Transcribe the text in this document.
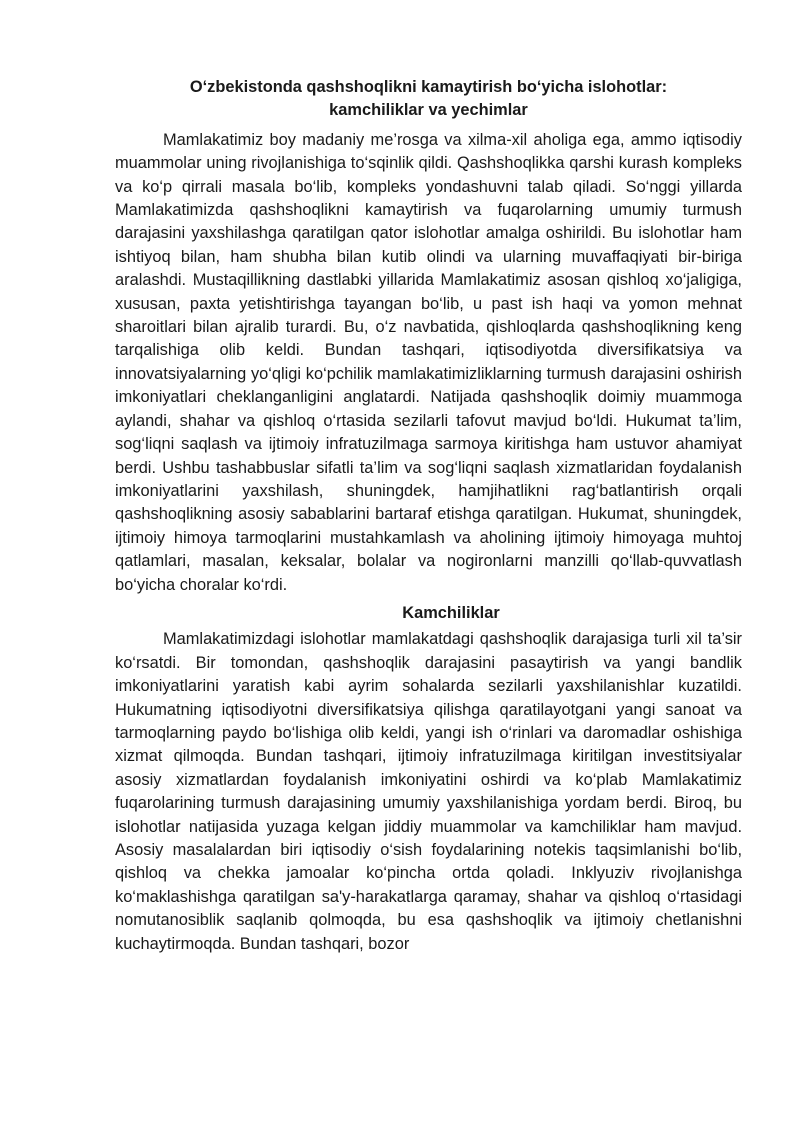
O‘zbekistonda qashshoqlikni kamaytirish bo‘yicha islohotlar:
kamchiliklar va yechimlar

Mamlakatimiz boy madaniy me’rosga va xilma-xil aholiga ega, ammo iqtisodiy muammolar uning rivojlanishiga to‘sqinlik qildi. Qashshoqlikka qarshi kurash kompleks va ko‘p qirrali masala bo‘lib, kompleks yondashuvni talab qiladi. So‘nggi yillarda Mamlakatimizda qashshoqlikni kamaytirish va fuqarolarning umumiy turmush darajasini yaxshilashga qaratilgan qator islohotlar amalga oshirildi. Bu islohotlar ham ishtiyoq bilan, ham shubha bilan kutib olindi va ularning muvaffaqiyati bir-biriga aralashdi. Mustaqillikning dastlabki yillarida Mamlakatimiz asosan qishloq xo‘jaligiga, xususan, paxta yetishtirishga tayangan bo‘lib, u past ish haqi va yomon mehnat sharoitlari bilan ajralib turardi. Bu, o‘z navbatida, qishloqlarda qashshoqlikning keng tarqalishiga olib keldi. Bundan tashqari, iqtisodiyotda diversifikatsiya va innovatsiyalarning yo‘qligi ko‘pchilik mamlakatimizliklarning turmush darajasini oshirish imkoniyatlari cheklanganligini anglatardi. Natijada qashshoqlik doimiy muammoga aylandi, shahar va qishloq o‘rtasida sezilarli tafovut mavjud bo‘ldi. Hukumat ta’lim, sog‘liqni saqlash va ijtimoiy infratuzilmaga sarmoya kiritishga ham ustuvor ahamiyat berdi. Ushbu tashabbuslar sifatli ta’lim va sog‘liqni saqlash xizmatlaridan foydalanish imkoniyatlarini yaxshilash, shuningdek, hamjihatlikni rag‘batlantirish orqali qashshoqlikning asosiy sabablarini bartaraf etishga qaratilgan. Hukumat, shuningdek, ijtimoiy himoya tarmoqlarini mustahkamlash va aholining ijtimoiy himoyaga muhtoj qatlamlari, masalan, keksalar, bolalar va nogironlarni manzilli qo‘llab-quvvatlash bo‘yicha choralar ko‘rdi.

Kamchiliklar

Mamlakatimizdagi islohotlar mamlakatdagi qashshoqlik darajasiga turli xil ta’sir ko‘rsatdi. Bir tomondan, qashshoqlik darajasini pasaytirish va yangi bandlik imkoniyatlarini yaratish kabi ayrim sohalarda sezilarli yaxshilanishlar kuzatildi. Hukumatning iqtisodiyotni diversifikatsiya qilishga qaratilayotgani yangi sanoat va tarmoqlarning paydo bo‘lishiga olib keldi, yangi ish o‘rinlari va daromadlar oshishiga xizmat qilmoqda. Bundan tashqari, ijtimoiy infratuzilmaga kiritilgan investitsiyalar asosiy xizmatlardan foydalanish imkoniyatini oshirdi va ko‘plab Mamlakatimiz fuqarolarining turmush darajasining umumiy yaxshilanishiga yordam berdi. Biroq, bu islohotlar natijasida yuzaga kelgan jiddiy muammolar va kamchiliklar ham mavjud. Asosiy masalalardan biri iqtisodiy o‘sish foydalarining notekis taqsimlanishi bo‘lib, qishloq va chekka jamoalar ko‘pincha ortda qoladi. Inklyuziv rivojlanishga ko‘maklashishga qaratilgan sa'y-harakatlarga qaramay, shahar va qishloq o‘rtasidagi nomutanosiblik saqlanib qolmoqda, bu esa qashshoqlik va ijtimoiy chetlanishni kuchaytirmoqda. Bundan tashqari, bozor
